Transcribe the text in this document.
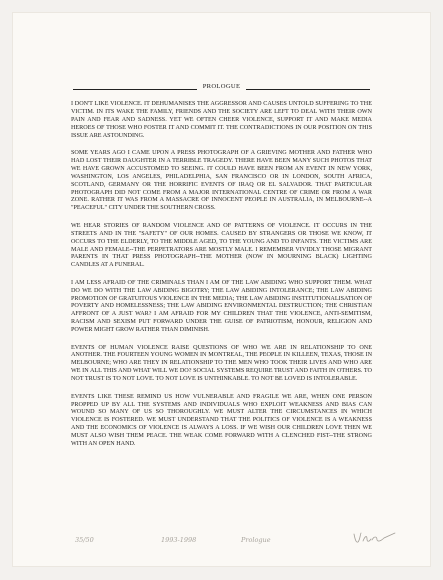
PROLOGUE

I DON'T LIKE VIOLENCE. IT DEHUMANISES THE AGGRESSOR AND CAUSES UNTOLD SUFFERING TO THE VICTIM. IN ITS WAKE THE FAMILY, FRIENDS AND THE SOCIETY ARE LEFT TO DEAL WITH THEIR OWN PAIN AND FEAR AND SADNESS. YET WE OFTEN CHEER VIOLENCE, SUPPORT IT AND MAKE MEDIA HEROES OF THOSE WHO FOSTER IT AND COMMIT IT. THE CONTRADICTIONS IN OUR POSITION ON THIS ISSUE ARE ASTOUNDING.

SOME YEARS AGO I CAME UPON A PRESS PHOTOGRAPH OF A GRIEVING MOTHER AND FATHER WHO HAD LOST THEIR DAUGHTER IN A TERRIBLE TRAGEDY. THERE HAVE BEEN MANY SUCH PHOTOS THAT WE HAVE GROWN ACCUSTOMED TO SEEING. IT COULD HAVE BEEN FROM AN EVENT IN NEW YORK, WASHINGTON, LOS ANGELES, PHILADELPHIA, SAN FRANCISCO OR IN LONDON, SOUTH AFRICA, SCOTLAND, GERMANY OR THE HORRIFIC EVENTS OF IRAQ OR EL SALVADOR. THAT PARTICULAR PHOTOGRAPH DID NOT COME FROM A MAJOR INTERNATIONAL CENTRE OF CRIME OR FROM A WAR ZONE. RATHER IT WAS FROM A MASSACRE OF INNOCENT PEOPLE IN AUSTRALIA, IN MELBOURNE--A "PEACEFUL" CITY UNDER THE SOUTHERN CROSS.

WE HEAR STORIES OF RANDOM VIOLENCE AND OF PATTERNS OF VIOLENCE. IT OCCURS IN THE STREETS AND IN THE "SAFETY" OF OUR HOMES. CAUSED BY STRANGERS OR THOSE WE KNOW, IT OCCURS TO THE ELDERLY, TO THE MIDDLE AGED, TO THE YOUNG AND TO INFANTS. THE VICTIMS ARE MALE AND FEMALE--THE PERPETRATORS ARE MOSTLY MALE. I REMEMBER VIVIDLY THOSE MIGRANT PARENTS IN THAT PRESS PHOTOGRAPH--THE MOTHER (NOW IN MOURNING BLACK) LIGHTING CANDLES AT A FUNERAL.

I AM LESS AFRAID OF THE CRIMINALS THAN I AM OF THE LAW ABIDING WHO SUPPORT THEM. WHAT DO WE DO WITH THE LAW ABIDING BIGOTRY; THE LAW ABIDING INTOLERANCE; THE LAW ABIDING PROMOTION OF GRATUITOUS VIOLENCE IN THE MEDIA; THE LAW ABIDING INSTITUTIONALISATION OF POVERTY AND HOMELESSNESS; THE LAW ABIDING ENVIRONMENTAL DESTRUCTION; THE CHRISTIAN AFFRONT OF A JUST WAR? I AM AFRAID FOR MY CHILDREN THAT THE VIOLENCE, ANTI-SEMITISM, RACISM AND SEXISM PUT FORWARD UNDER THE GUISE OF PATRIOTISM, HONOUR, RELIGION AND POWER MIGHT GROW RATHER THAN DIMINISH.

EVENTS OF HUMAN VIOLENCE RAISE QUESTIONS OF WHO WE ARE IN RELATIONSHIP TO ONE ANOTHER. THE FOURTEEN YOUNG WOMEN IN MONTREAL, THE PEOPLE IN KILLEEN, TEXAS, THOSE IN MELBOURNE; WHO ARE THEY IN RELATIONSHIP TO THE MEN WHO TOOK THEIR LIVES AND WHO ARE WE IN ALL THIS AND WHAT WILL WE DO? SOCIAL SYSTEMS REQUIRE TRUST AND FAITH IN OTHERS. TO NOT TRUST IS TO NOT LOVE. TO NOT LOVE IS UNTHINKABLE. TO NOT BE LOVED IS INTOLERABLE.

EVENTS LIKE THESE REMIND US HOW VULNERABLE AND FRAGILE WE ARE, WHEN ONE PERSON PROPPED UP BY ALL THE SYSTEMS AND INDIVIDUALS WHO EXPLOIT WEAKNESS AND BIAS CAN WOUND SO MANY OF US SO THOROUGHLY. WE MUST ALTER THE CIRCUMSTANCES IN WHICH VIOLENCE IS FOSTERED. WE MUST UNDERSTAND THAT THE POLITICS OF VIOLENCE IS A WEAKNESS AND THE ECONOMICS OF VIOLENCE IS ALWAYS A LOSS. IF WE WISH OUR CHILDREN LOVE THEN WE MUST ALSO WISH THEM PEACE. THE WEAK COME FORWARD WITH A CLENCHED FIST--THE STRONG WITH AN OPEN HAND.

35/50	1993-1998	Prologue
